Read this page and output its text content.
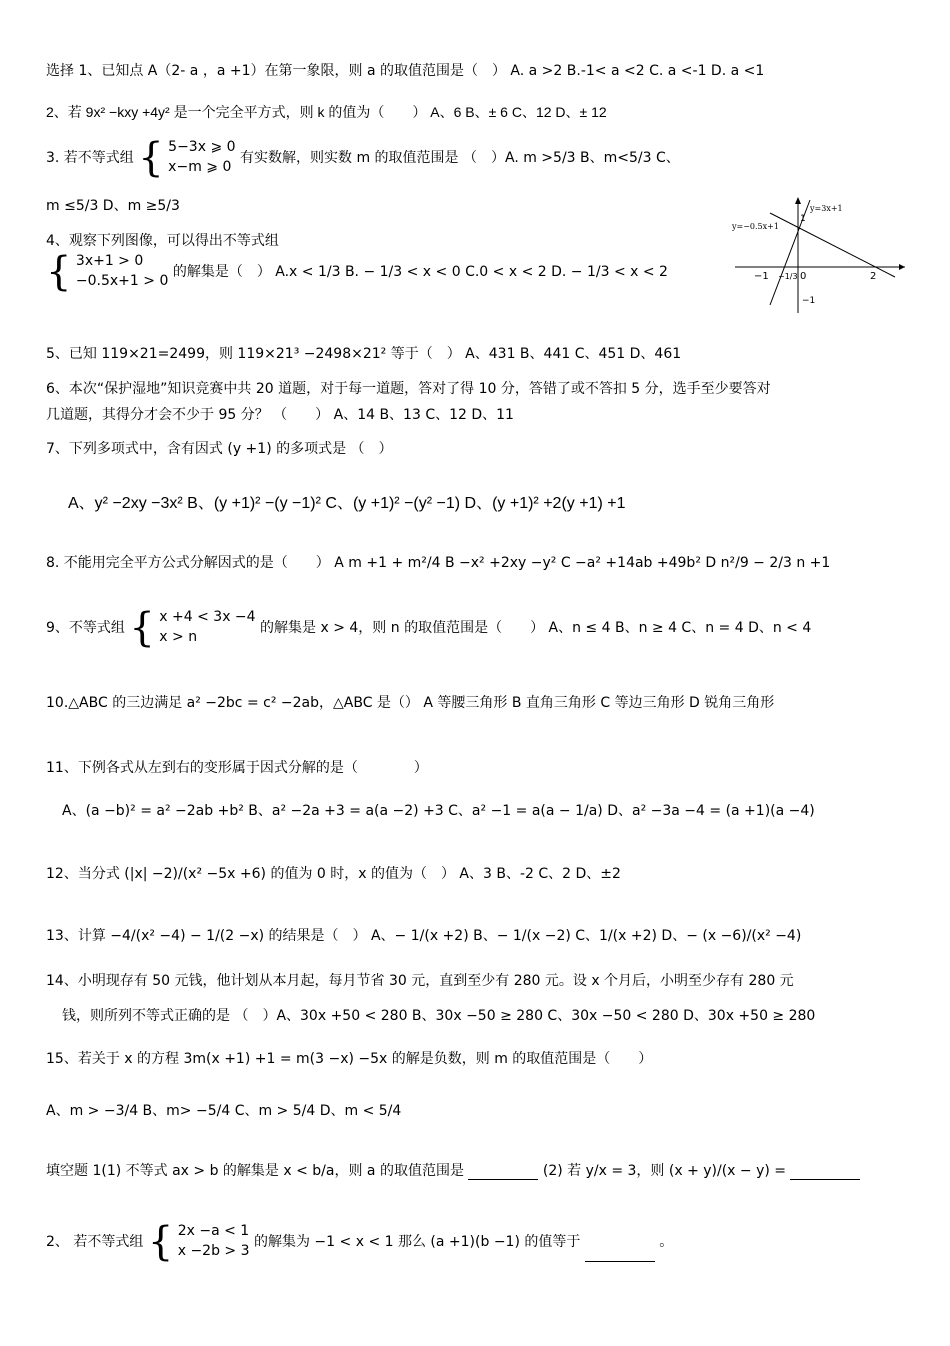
选择 1、已知点 A（2- a ，a +1）在第一象限，则 a 的取值范围是（　） A. a >2 B.-1< a <2 C. a <-1 D. a <1
2、若 9x² −kxy +4y² 是一个完全平方式，则 k 的值为（　　） A、6 B、± 6 C、12 D、± 12
3. 若不等式组 { 5−3x ⩾ 0
x−m ⩾ 0
有实数解，则实数 m 的取值范围是 （　）A. m >5/3 B、m<5/3 C、
m ≤5/3 D、m ≥5/3
4、观察下列图像，可以得出不等式组
{ 3x+1 > 0
−0.5x+1 > 0
的解集是（　） A.x < 1/3 B. − 1/3 < x < 0 C.0 < x < 2 D. − 1/3 < x < 2
y=3x+1
y=−0.5x+1
−1 −1/3 0	2
1
−1
5、已知 119×21=2499，则 119×21³ −2498×21² 等于（　） A、431 B、441 C、451 D、461
6、本次“保护湿地”知识竞赛中共 20 道题，对于每一道题，答对了得 10 分，答错了或不答扣 5 分，选手至少要答对
几道题，其得分才会不少于 95 分？ （　　） A、14 B、13 C、12 D、11
7、下列多项式中，含有因式 (y +1) 的多项式是 （　）
A、y² −2xy −3x² B、(y +1)² −(y −1)² C、(y +1)² −(y² −1) D、(y +1)² +2(y +1) +1
8. 不能用完全平方公式分解因式的是（　　） A m +1 + m²/4 B −x² +2xy −y² C −a² +14ab +49b² D n²/9 − 2/3 n +1
9、不等式组 { x +4 < 3x −4
x > n
的解集是 x > 4，则 n 的取值范围是（　　） A、n ≤ 4 B、n ≥ 4 C、n = 4 D、n < 4
10.△ABC 的三边满足 a² −2bc = c² −2ab，△ABC 是（） A 等腰三角形 B 直角三角形 C 等边三角形 D 锐角三角形
11、下例各式从左到右的变形属于因式分解的是（　　　　）
A、(a −b)² = a² −2ab +b² B、a² −2a +3 = a(a −2) +3 C、a² −1 = a(a − 1/a) D、a² −3a −4 = (a +1)(a −4)
12、当分式 (|x| −2)/(x² −5x +6) 的值为 0 时，x 的值为（　） A、3 B、-2 C、2 D、±2
13、计算 −4/(x² −4) − 1/(2 −x) 的结果是（　） A、− 1/(x +2) B、− 1/(x −2) C、1/(x +2) D、− (x −6)/(x² −4)
14、小明现存有 50 元钱，他计划从本月起，每月节省 30 元，直到至少有 280 元。设 x 个月后，小明至少存有 280 元
钱，则所列不等式正确的是 （　）A、30x +50 < 280 B、30x −50 ≥ 280 C、30x −50 < 280 D、30x +50 ≥ 280
15、若关于 x 的方程 3m(x +1) +1 = m(3 −x) −5x 的解是负数，则 m 的取值范围是（　　）
A、m > −3/4 B、m> −5/4 C、m > 5/4 D、m < 5/4
填空题 1(1) 不等式 ax > b 的解集是 x < b/a，则 a 的取值范围是	(2) 若 y/x = 3，则 (x + y)/(x − y) =
2、 若不等式组 { 2x −a < 1
x −2b > 3
的解集为 −1 < x < 1 那么 (a +1)(b −1) 的值等于	。
